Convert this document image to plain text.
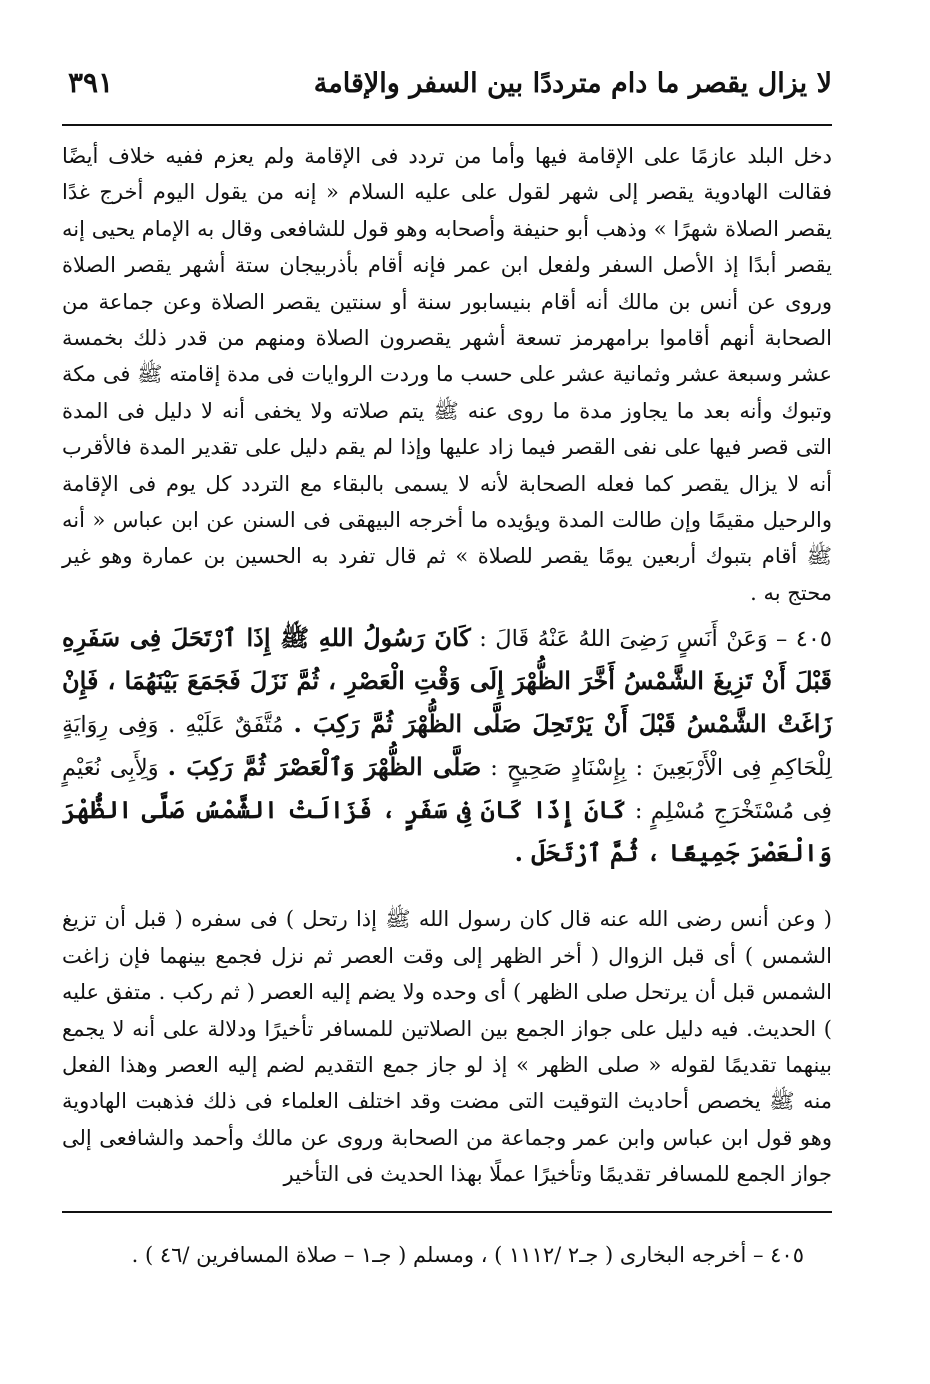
لا يزال يقصر ما دام مترددًا بين السفر والإقامة
٣٩١

دخل البلد عازمًا على الإقامة فيها وأما من تردد فى الإقامة ولم يعزم ففيه خلاف أيضًا فقالت الهادوية يقصر إلى شهر لقول على عليه السلام « إنه من يقول اليوم أخرج غدًا يقصر الصلاة شهرًا » وذهب أبو حنيفة وأصحابه وهو قول للشافعى وقال به الإمام يحيى إنه يقصر أبدًا إذ الأصل السفر ولفعل ابن عمر فإنه أقام بأذربيجان ستة أشهر يقصر الصلاة وروى عن أنس بن مالك أنه أقام بنيسابور سنة أو سنتين يقصر الصلاة وعن جماعة من الصحابة أنهم أقاموا برامهرمز تسعة أشهر يقصرون الصلاة ومنهم من قدر ذلك بخمسة عشر وسبعة عشر وثمانية عشر على حسب ما وردت الروايات فى مدة إقامته ﷺ فى مكة وتبوك وأنه بعد ما يجاوز مدة ما روى عنه ﷺ يتم صلاته ولا يخفى أنه لا دليل فى المدة التى قصر فيها على نفى القصر فيما زاد عليها وإذا لم يقم دليل على تقدير المدة فالأقرب أنه لا يزال يقصر كما فعله الصحابة لأنه لا يسمى بالبقاء مع التردد كل يوم فى الإقامة والرحيل مقيمًا وإن طالت المدة ويؤيده ما أخرجه البيهقى فى السنن عن ابن عباس « أنه ﷺ أقام بتبوك أربعين يومًا يقصر للصلاة » ثم قال تفرد به الحسين بن عمارة وهو غير محتج به .

٤٠٥ – وَعَنْ أَنَسٍ رَضِىَ اللهُ عَنْهُ قَالَ : كَانَ رَسُولُ اللهِ ﷺ إِذَا ٱرْتَحَلَ فِى سَفَرِهِ قَبْلَ أَنْ تَزِيغَ الشَّمْسُ أَخَّرَ الظُّهْرَ إِلَى وَقْتِ الْعَصْرِ ، ثُمَّ نَزَلَ فَجَمَعَ بَيْنَهُمَا ، فَإِنْ زَاغَتْ الشَّمْسُ قَبْلَ أَنْ يَرْتَحِلَ صَلَّى الظُّهْرَ ثُمَّ رَكِبَ . مُتَّفَقٌ عَلَيْهِ . وَفِى رِوَايَةٍ لِلْحَاكِمِ فِى الْأَرْبَعِينَ : بِإِسْنَادٍ صَحِيحٍ : صَلَّى الظُّهْرَ وَٱلْعَصْرَ ثُمَّ رَكِبَ . وَلِأَبِى نُعَيْمٍ فِى مُسْتَخْرَجِ مُسْلِمٍ : كَانَ إِذَا كَانَ فِى سَفَرٍ ، فَزَالَتْ الشَّمْسُ صَلَّى الظُّهْرَ وَالْعَصْرَ جَمِيعًا ، ثُمَّ ٱرْتَحَلَ .

( وعن أنس رضى الله عنه قال كان رسول الله ﷺ إذا رتحل ) فى سفره ( قبل أن تزيغ الشمس ) أى قبل الزوال ( أخر الظهر إلى وقت العصر ثم نزل فجمع بينهما فإن زاغت الشمس قبل أن يرتحل صلى الظهر ) أى وحده ولا يضم إليه العصر ( ثم ركب . متفق عليه ) الحديث. فيه دليل على جواز الجمع بين الصلاتين للمسافر تأخيرًا ودلالة على أنه لا يجمع بينهما تقديمًا لقوله « صلى الظهر » إذ لو جاز جمع التقديم لضم إليه العصر وهذا الفعل منه ﷺ يخصص أحاديث التوقيت التى مضت وقد اختلف العلماء فى ذلك فذهبت الهادوية وهو قول ابن عباس وابن عمر وجماعة من الصحابة وروى عن مالك وأحمد والشافعى إلى جواز الجمع للمسافر تقديمًا وتأخيرًا عملًا بهذا الحديث فى التأخير

٤٠٥ – أخرجه البخارى ( جـ٢ /١١١٢ ) ، ومسلم ( جـ١ – صلاة المسافرين /٤٦ ) .
